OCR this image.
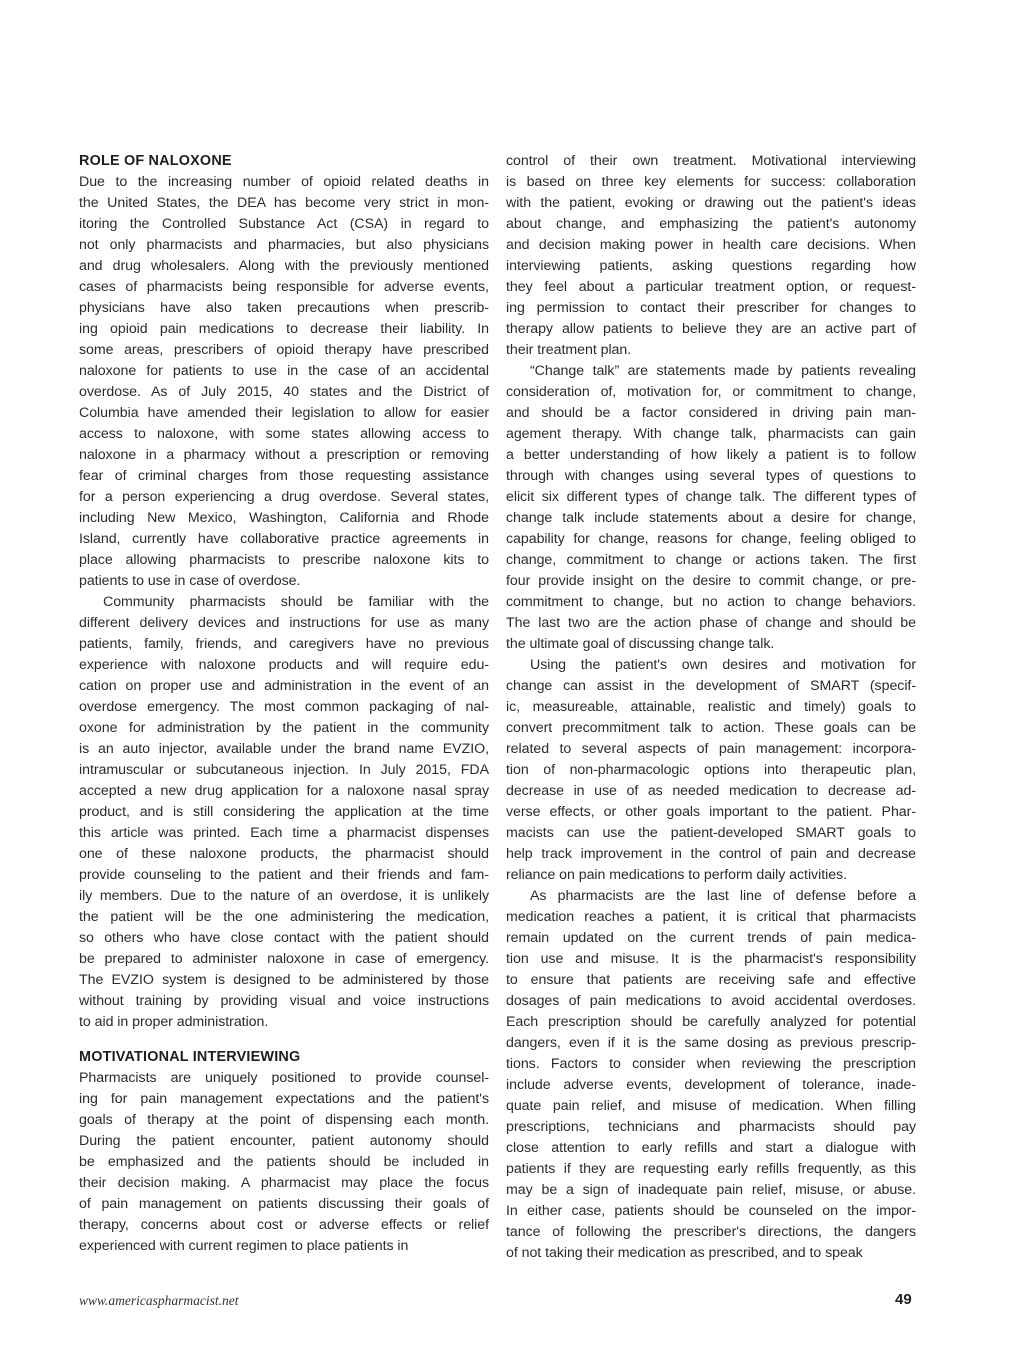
ROLE OF NALOXONE
Due to the increasing number of opioid related deaths in
the United States, the DEA has become very strict in mon-
itoring the Controlled Substance Act (CSA) in regard to
not only pharmacists and pharmacies, but also physicians
and drug wholesalers. Along with the previously mentioned
cases of pharmacists being responsible for adverse events,
physicians have also taken precautions when prescrib-
ing opioid pain medications to decrease their liability. In
some areas, prescribers of opioid therapy have prescribed
naloxone for patients to use in the case of an accidental
overdose. As of July 2015, 40 states and the District of
Columbia have amended their legislation to allow for easier
access to naloxone, with some states allowing access to
naloxone in a pharmacy without a prescription or removing
fear of criminal charges from those requesting assistance
for a person experiencing a drug overdose. Several states,
including New Mexico, Washington, California and Rhode
Island, currently have collaborative practice agreements in
place allowing pharmacists to prescribe naloxone kits to
patients to use in case of overdose.
Community pharmacists should be familiar with the
different delivery devices and instructions for use as many
patients, family, friends, and caregivers have no previous
experience with naloxone products and will require edu-
cation on proper use and administration in the event of an
overdose emergency. The most common packaging of nal-
oxone for administration by the patient in the community
is an auto injector, available under the brand name EVZIO,
intramuscular or subcutaneous injection. In July 2015, FDA
accepted a new drug application for a naloxone nasal spray
product, and is still considering the application at the time
this article was printed. Each time a pharmacist dispenses
one of these naloxone products, the pharmacist should
provide counseling to the patient and their friends and fam-
ily members. Due to the nature of an overdose, it is unlikely
the patient will be the one administering the medication,
so others who have close contact with the patient should
be prepared to administer naloxone in case of emergency.
The EVZIO system is designed to be administered by those
without training by providing visual and voice instructions
to aid in proper administration.
MOTIVATIONAL INTERVIEWING
Pharmacists are uniquely positioned to provide counsel-
ing for pain management expectations and the patient's
goals of therapy at the point of dispensing each month.
During the patient encounter, patient autonomy should
be emphasized and the patients should be included in
their decision making. A pharmacist may place the focus
of pain management on patients discussing their goals of
therapy, concerns about cost or adverse effects or relief
experienced with current regimen to place patients in
control of their own treatment. Motivational interviewing
is based on three key elements for success: collaboration
with the patient, evoking or drawing out the patient's ideas
about change, and emphasizing the patient's autonomy
and decision making power in health care decisions. When
interviewing patients, asking questions regarding how
they feel about a particular treatment option, or request-
ing permission to contact their prescriber for changes to
therapy allow patients to believe they are an active part of
their treatment plan.
“Change talk” are statements made by patients revealing
consideration of, motivation for, or commitment to change,
and should be a factor considered in driving pain man-
agement therapy. With change talk, pharmacists can gain
a better understanding of how likely a patient is to follow
through with changes using several types of questions to
elicit six different types of change talk. The different types of
change talk include statements about a desire for change,
capability for change, reasons for change, feeling obliged to
change, commitment to change or actions taken. The first
four provide insight on the desire to commit change, or pre-
commitment to change, but no action to change behaviors.
The last two are the action phase of change and should be
the ultimate goal of discussing change talk.
Using the patient's own desires and motivation for
change can assist in the development of SMART (specif-
ic, measureable, attainable, realistic and timely) goals to
convert precommitment talk to action. These goals can be
related to several aspects of pain management: incorpora-
tion of non-pharmacologic options into therapeutic plan,
decrease in use of as needed medication to decrease ad-
verse effects, or other goals important to the patient. Phar-
macists can use the patient-developed SMART goals to
help track improvement in the control of pain and decrease
reliance on pain medications to perform daily activities.
As pharmacists are the last line of defense before a
medication reaches a patient, it is critical that pharmacists
remain updated on the current trends of pain medica-
tion use and misuse. It is the pharmacist's responsibility
to ensure that patients are receiving safe and effective
dosages of pain medications to avoid accidental overdoses.
Each prescription should be carefully analyzed for potential
dangers, even if it is the same dosing as previous prescrip-
tions. Factors to consider when reviewing the prescription
include adverse events, development of tolerance, inade-
quate pain relief, and misuse of medication. When filling
prescriptions, technicians and pharmacists should pay
close attention to early refills and start a dialogue with
patients if they are requesting early refills frequently, as this
may be a sign of inadequate pain relief, misuse, or abuse.
In either case, patients should be counseled on the impor-
tance of following the prescriber's directions, the dangers
of not taking their medication as prescribed, and to speak
www.americaspharmacist.net	49
